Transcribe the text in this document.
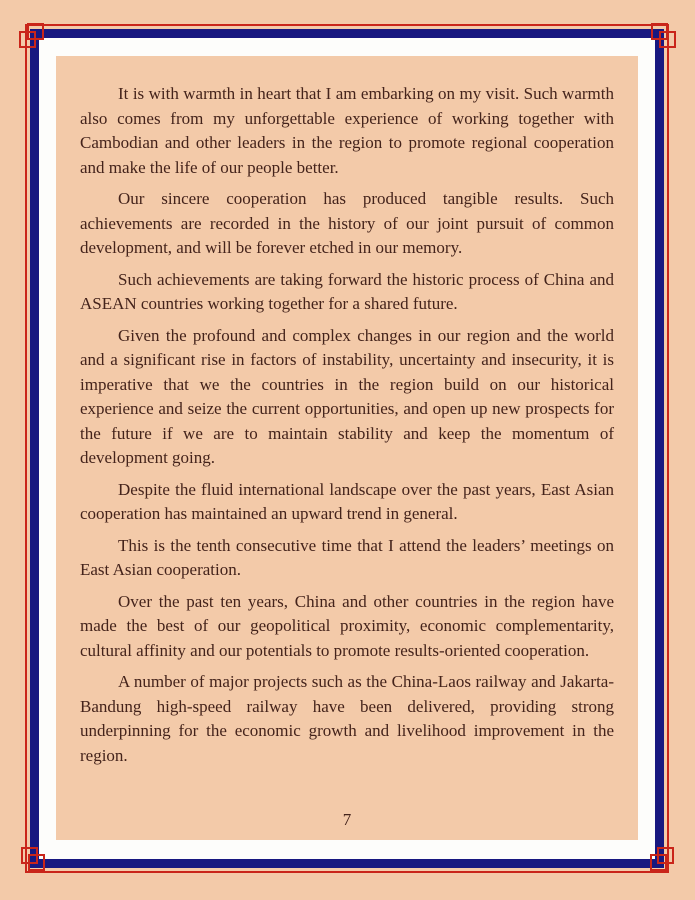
It is with warmth in heart that I am embarking on my visit. Such warmth also comes from my unforgettable experience of working together with Cambodian and other leaders in the region to promote regional cooperation and make the life of our people better.

Our sincere cooperation has produced tangible results. Such achievements are recorded in the history of our joint pursuit of common development, and will be forever etched in our memory.

Such achievements are taking forward the historic process of China and ASEAN countries working together for a shared future.

Given the profound and complex changes in our region and the world and a significant rise in factors of instability, uncertainty and insecurity, it is imperative that we the countries in the region build on our historical experience and seize the current opportunities, and open up new prospects for the future if we are to maintain stability and keep the momentum of development going.

Despite the fluid international landscape over the past years, East Asian cooperation has maintained an upward trend in general.

This is the tenth consecutive time that I attend the leaders’ meetings on East Asian cooperation.

Over the past ten years, China and other countries in the region have made the best of our geopolitical proximity, economic complementarity, cultural affinity and our potentials to promote results-oriented cooperation.

A number of major projects such as the China-Laos railway and Jakarta-Bandung high-speed railway have been delivered, providing strong underpinning for the economic growth and livelihood improvement in the region.

7
